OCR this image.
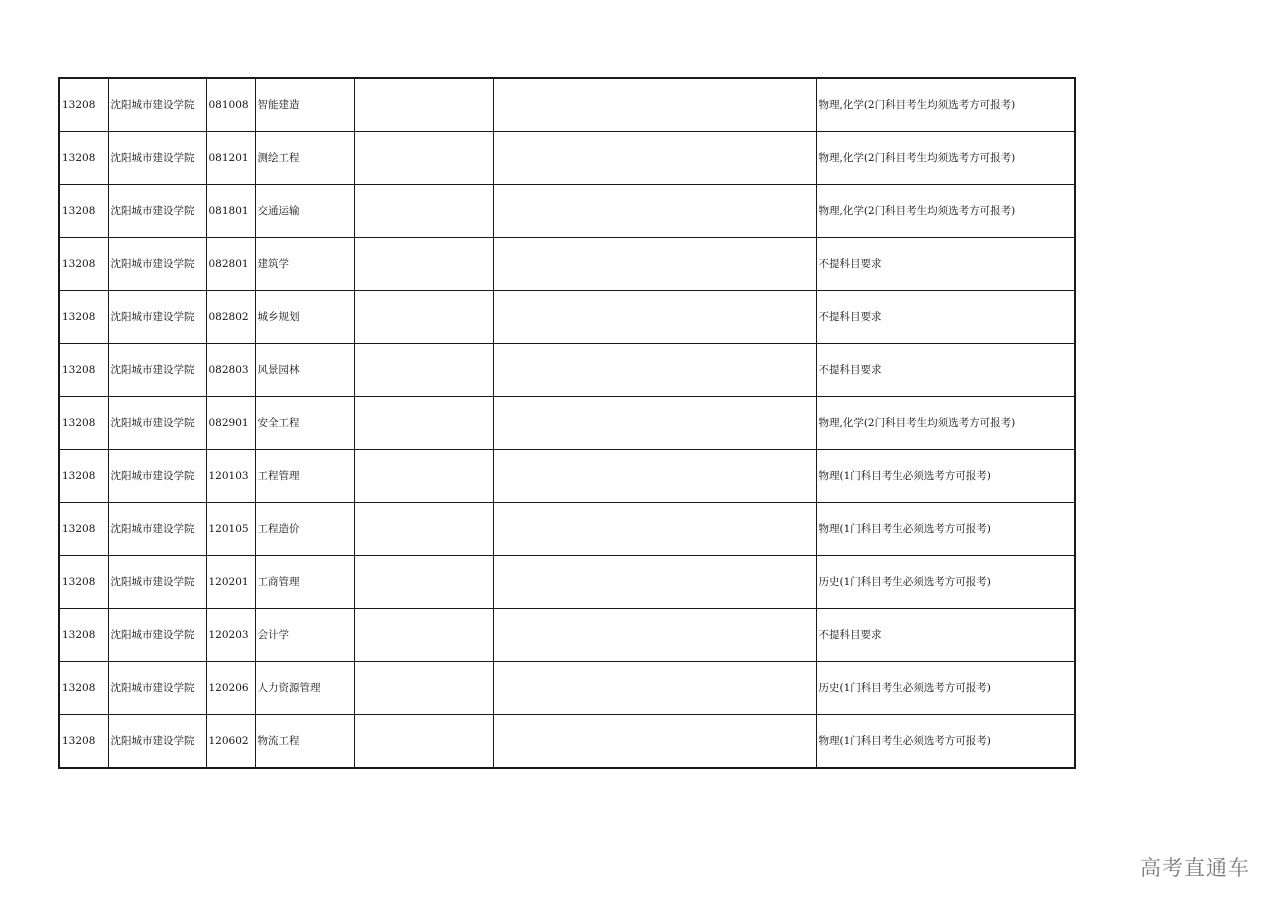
13208	沈阳城市建设学院	081008	智能建造			物理,化学(2门科目考生均须选考方可报考)
13208	沈阳城市建设学院	081201	测绘工程			物理,化学(2门科目考生均须选考方可报考)
13208	沈阳城市建设学院	081801	交通运输			物理,化学(2门科目考生均须选考方可报考)
13208	沈阳城市建设学院	082801	建筑学			不提科目要求
13208	沈阳城市建设学院	082802	城乡规划			不提科目要求
13208	沈阳城市建设学院	082803	风景园林			不提科目要求
13208	沈阳城市建设学院	082901	安全工程			物理,化学(2门科目考生均须选考方可报考)
13208	沈阳城市建设学院	120103	工程管理			物理(1门科目考生必须选考方可报考)
13208	沈阳城市建设学院	120105	工程造价			物理(1门科目考生必须选考方可报考)
13208	沈阳城市建设学院	120201	工商管理			历史(1门科目考生必须选考方可报考)
13208	沈阳城市建设学院	120203	会计学			不提科目要求
13208	沈阳城市建设学院	120206	人力资源管理			历史(1门科目考生必须选考方可报考)
13208	沈阳城市建设学院	120602	物流工程			物理(1门科目考生必须选考方可报考)
高考直通车
